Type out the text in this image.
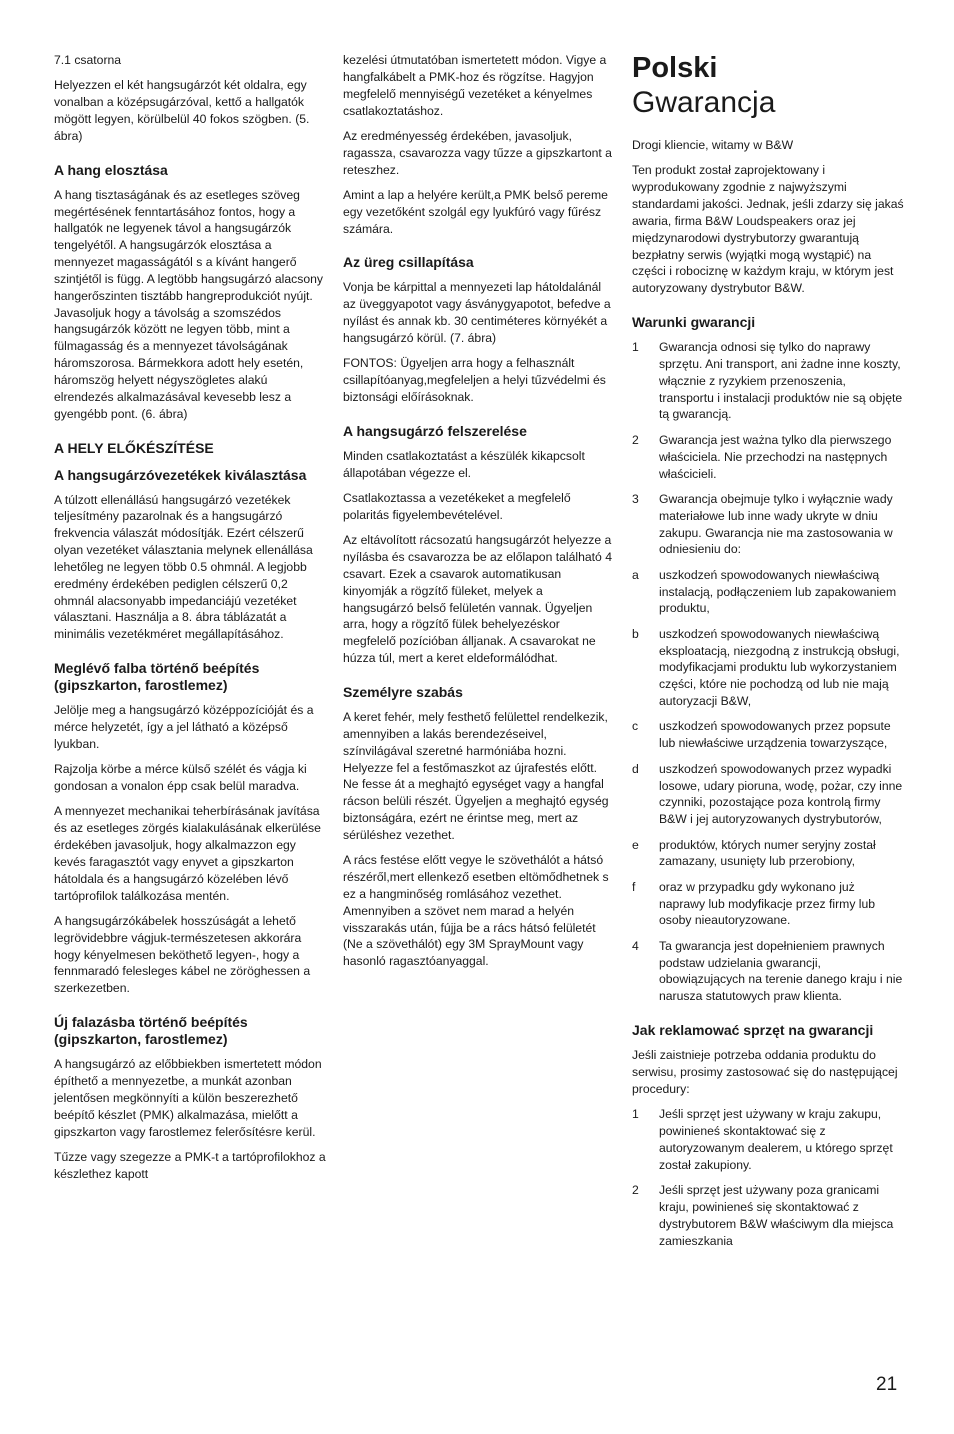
7.1 csatorna

Helyezzen el két hangsugárzót két oldalra, egy vonalban a középsugárzóval, kettő a hallgatók mögött legyen, körülbelül 40 fokos szögben. (5. ábra)

A hang elosztása

A hang tisztaságának és az esetleges szöveg megértésének fenntartásához fontos, hogy a hallgatók ne legyenek távol a hangsugárzók tengelyétől. A hangsugárzók elosztása a mennyezet magasságától s a kívánt hangerő szintjétől is függ. A legtöbb hangsugárzó alacsony hangerőszinten tisztább hangreprodukciót nyújt. Javasoljuk hogy a távolság a szomszédos hangsugárzók között ne legyen több, mint a fülmagasság és a mennyezet távolságának háromszorosa. Bármekkora adott hely esetén, háromszög helyett négyszögletes alakú elrendezés alkalmazásával kevesebb lesz a gyengébb pont. (6. ábra)

A HELY ELŐKÉSZÍTÉSE
A hangsugárzóvezetékek kiválasztása

A túlzott ellenállású hangsugárzó vezetékek teljesítmény pazarolnak és a hangsugárzó frekvencia válaszát módosítják. Ezért célszerű olyan vezetéket választania melynek ellenállása lehetőleg ne legyen több 0.5 ohmnál. A legjobb eredmény érdekében pediglen célszerű 0,2 ohmnál alacsonyabb impedanciájú vezetéket választani. Használja a 8. ábra táblázatát a minimális vezetékméret megállapításához.

Meglévő falba történő beépítés (gipszkarton, farostlemez)

Jelölje meg a hangsugárzó középpozícióját és a mérce helyzetét, így a jel látható a középső lyukban.

Rajzolja körbe a mérce külső szélét és vágja ki gondosan a vonalon épp csak belül maradva.

A mennyezet mechanikai teherbírásának javítása és az esetleges zörgés kialakulásának elkerülése érdekében javasoljuk, hogy alkalmazzon egy kevés faragasztót vagy enyvet a gipszkarton hátoldala és a hangsugárzó közelében lévő tartóprofilok találkozása mentén.

A hangsugárzókábelek hosszúságát a lehető legrövidebbre vágjuk-természetesen akkorára hogy kényelmesen beköthető legyen-, hogy a fennmaradó felesleges kábel ne zöröghessen a szerkezetben.

Új falazásba történő beépítés (gipszkarton, farostlemez)

A hangsugárzó az előbbiekben ismertetett módon építhető a mennyezetbe, a munkát azonban jelentősen megkönnyíti a külön beszerezhető beépítő készlet (PMK) alkalmazása, mielőtt a gipszkarton vagy farostlemez felerősítésre kerül.

Tűzze vagy szegezze a PMK-t a tartóprofilokhoz a készlethez kapott

kezelési útmutatóban ismertetett módon. Vigye a hangfalkábelt a PMK-hoz és rögzítse. Hagyjon megfelelő mennyiségű vezetéket a kényelmes csatlakoztatáshoz.

Az eredményesség érdekében, javasoljuk, ragassza, csavarozza vagy tűzze a gipszkartont a reteszhez.

Amint a lap a helyére került,a PMK belső pereme egy vezetőként szolgál egy lyukfúró vagy fűrész számára.

Az üreg csillapítása

Vonja be kárpittal a mennyezeti lap hátoldalánál az üveggyapotot vagy ásványgyapotot, befedve a nyílást és annak kb. 30 centiméteres környékét a hangsugárzó körül. (7. ábra)

FONTOS: Ügyeljen arra hogy a felhasznált csillapítóanyag,megfeleljen a helyi tűzvédelmi és biztonsági előírásoknak.

A hangsugárzó felszerelése

Minden csatlakoztatást a készülék kikapcsolt állapotában végezze el.

Csatlakoztassa a vezetékeket a megfelelő polaritás figyelembevételével.

Az eltávolított rácsozatú hangsugárzót helyezze a nyílásba és csavarozza be az előlapon található 4 csavart. Ezek a csavarok automatikusan kinyomják a rögzítő füleket, melyek a hangsugárzó belső felületén vannak. Ügyeljen arra, hogy a rögzítő fülek behelyezéskor megfelelő pozícióban álljanak. A csavarokat ne húzza túl, mert a keret eldeformálódhat.

Személyre szabás

A keret fehér, mely festhető felülettel rendelkezik, amennyiben a lakás berendezéseivel, színvilágával szeretné harmóniába hozni. Helyezze fel a festőmaszkot az újrafestés előtt. Ne fesse át a meghajtó egységet vagy a hangfal rácson belüli részét. Ügyeljen a meghajtó egység biztonságára, ezért ne érintse meg, mert az sérüléshez vezethet.

A rács festése előtt vegye le szövethálót a hátsó részéről,mert ellenkező esetben eltömődhetnek s ez a hangminőség romlásához vezethet. Amennyiben a szövet nem marad a helyén visszarakás után, fújja be a rács hátsó felületét (Ne a szövethálót) egy 3M SprayMount vagy hasonló ragasztóanyaggal.

Polski
Gwarancja

Drogi kliencie, witamy w B&W

Ten produkt został zaprojektowany i wyprodukowany zgodnie z najwyższymi standardami jakości. Jednak, jeśli zdarzy się jakaś awaria, firma B&W Loudspeakers oraz jej międzynarodowi dystrybutorzy gwarantują bezpłatny serwis (wyjątki mogą wystąpić) na części i robociznę w każdym kraju, w którym jest autoryzowany dystrybutor B&W.

Warunki gwarancji
1	Gwarancja odnosi się tylko do naprawy sprzętu. Ani transport, ani żadne inne koszty, włącznie z ryzykiem przenoszenia, transportu i instalacji produktów nie są objęte tą gwarancją.
2	Gwarancja jest ważna tylko dla pierwszego właściciela. Nie przechodzi na następnych właścicieli.
3	Gwarancja obejmuje tylko i wyłącznie wady materiałowe lub inne wady ukryte w dniu zakupu. Gwarancja nie ma zastosowania w odniesieniu do:
a	uszkodzeń spowodowanych niewłaściwą instalacją, podłączeniem lub zapakowaniem produktu,
b	uszkodzeń spowodowanych niewłaściwą eksploatacją, niezgodną z instrukcją obsługi, modyfikacjami produktu lub wykorzystaniem części, które nie pochodzą od lub nie mają autoryzacji B&W,
c	uszkodzeń spowodowanych przez popsute lub niewłaściwe urządzenia towarzyszące,
d	uszkodzeń spowodowanych przez wypadki losowe, udary pioruna, wodę, pożar, czy inne czynniki, pozostające poza kontrolą firmy B&W i jej autoryzowanych dystrybutorów,
e	produktów, których numer seryjny został zamazany, usunięty lub przerobiony,
f	oraz w przypadku gdy wykonano już naprawy lub modyfikacje przez firmy lub osoby nieautoryzowane.
4	Ta gwarancja jest dopełnieniem prawnych podstaw udzielania gwarancji, obowiązujących na terenie danego kraju i nie narusza statutowych praw klienta.
Jak reklamować sprzęt na gwarancji

Jeśli zaistnieje potrzeba oddania produktu do serwisu, prosimy zastosować się do następującej procedury:

1	Jeśli sprzęt jest używany w kraju zakupu, powinieneś skontaktować się z autoryzowanym dealerem, u którego sprzęt został zakupiony.
2	Jeśli sprzęt jest używany poza granicami kraju, powinieneś się skontaktować z dystrybutorem B&W właściwym dla miejsca zamieszkania
21
